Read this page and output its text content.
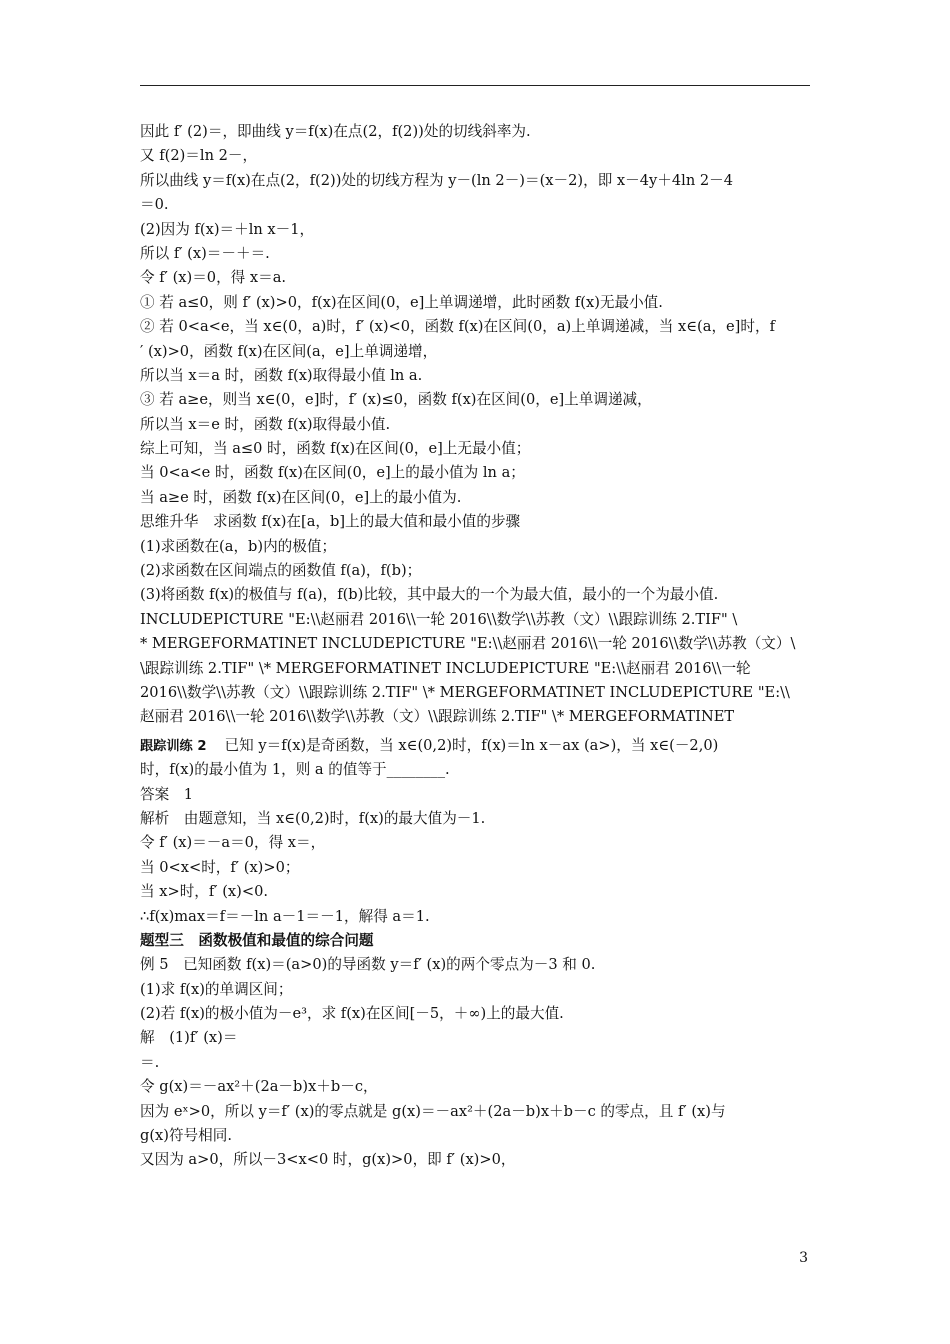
因此 f′ (2)＝，即曲线 y＝f(x)在点(2，f(2))处的切线斜率为.
又 f(2)＝ln 2－，
所以曲线 y＝f(x)在点(2，f(2))处的切线方程为 y－(ln 2－)＝(x－2)，即 x－4y＋4ln 2－4
＝0.
(2)因为 f(x)＝＋ln x－1，
所以 f′ (x)＝－＋＝.
令 f′ (x)＝0，得 x＝a.
① 若 a≤0，则 f′ (x)>0，f(x)在区间(0，e]上单调递增，此时函数 f(x)无最小值.
② 若 0<a<e，当 x∈(0，a)时，f′ (x)<0，函数 f(x)在区间(0，a)上单调递减，当 x∈(a，e]时，f
′ (x)>0，函数 f(x)在区间(a，e]上单调递增，
所以当 x＝a 时，函数 f(x)取得最小值 ln a.
③ 若 a≥e，则当 x∈(0，e]时，f′ (x)≤0，函数 f(x)在区间(0，e]上单调递减，
所以当 x＝e 时，函数 f(x)取得最小值.
综上可知，当 a≤0 时，函数 f(x)在区间(0，e]上无最小值；
当 0<a<e 时，函数 f(x)在区间(0，e]上的最小值为 ln a；
当 a≥e 时，函数 f(x)在区间(0，e]上的最小值为.
思维升华　求函数 f(x)在[a，b]上的最大值和最小值的步骤
(1)求函数在(a，b)内的极值；
(2)求函数在区间端点的函数值 f(a)，f(b)；
(3)将函数 f(x)的极值与 f(a)，f(b)比较，其中最大的一个为最大值，最小的一个为最小值.
INCLUDEPICTURE "E:\\赵丽君 2016\\一轮 2016\\数学\\苏教（文）\\跟踪训练 2.TIF" \
* MERGEFORMATINET INCLUDEPICTURE "E:\\赵丽君 2016\\一轮 2016\\数学\\苏教（文）\
\跟踪训练 2.TIF" \* MERGEFORMATINET INCLUDEPICTURE "E:\\赵丽君 2016\\一轮
2016\\数学\\苏教（文）\\跟踪训练 2.TIF" \* MERGEFORMATINET INCLUDEPICTURE "E:\\
赵丽君 2016\\一轮 2016\\数学\\苏教（文）\\跟踪训练 2.TIF" \* MERGEFORMATINET
跟踪训练 2 已知 y＝f(x)是奇函数，当 x∈(0,2)时，f(x)＝ln x－ax (a>)，当 x∈(－2,0)
时，f(x)的最小值为 1，则 a 的值等于________.
答案　1
解析　由题意知，当 x∈(0,2)时，f(x)的最大值为－1.
令 f′ (x)＝－a＝0，得 x＝，
当 0<x<时，f′ (x)>0；
当 x>时，f′ (x)<0.
∴f(x)max＝f＝－ln a－1＝－1，解得 a＝1.
题型三　函数极值和最值的综合问题
例 5　已知函数 f(x)＝(a>0)的导函数 y＝f′ (x)的两个零点为－3 和 0.
(1)求 f(x)的单调区间；
(2)若 f(x)的极小值为－e³，求 f(x)在区间[－5，＋∞)上的最大值.
解　(1)f′ (x)＝
＝.
令 g(x)＝－ax²＋(2a－b)x＋b－c，
因为 eˣ>0，所以 y＝f′ (x)的零点就是 g(x)＝－ax²＋(2a－b)x＋b－c 的零点，且 f′ (x)与
g(x)符号相同.
又因为 a>0，所以－3<x<0 时，g(x)>0，即 f′ (x)>0，
3
